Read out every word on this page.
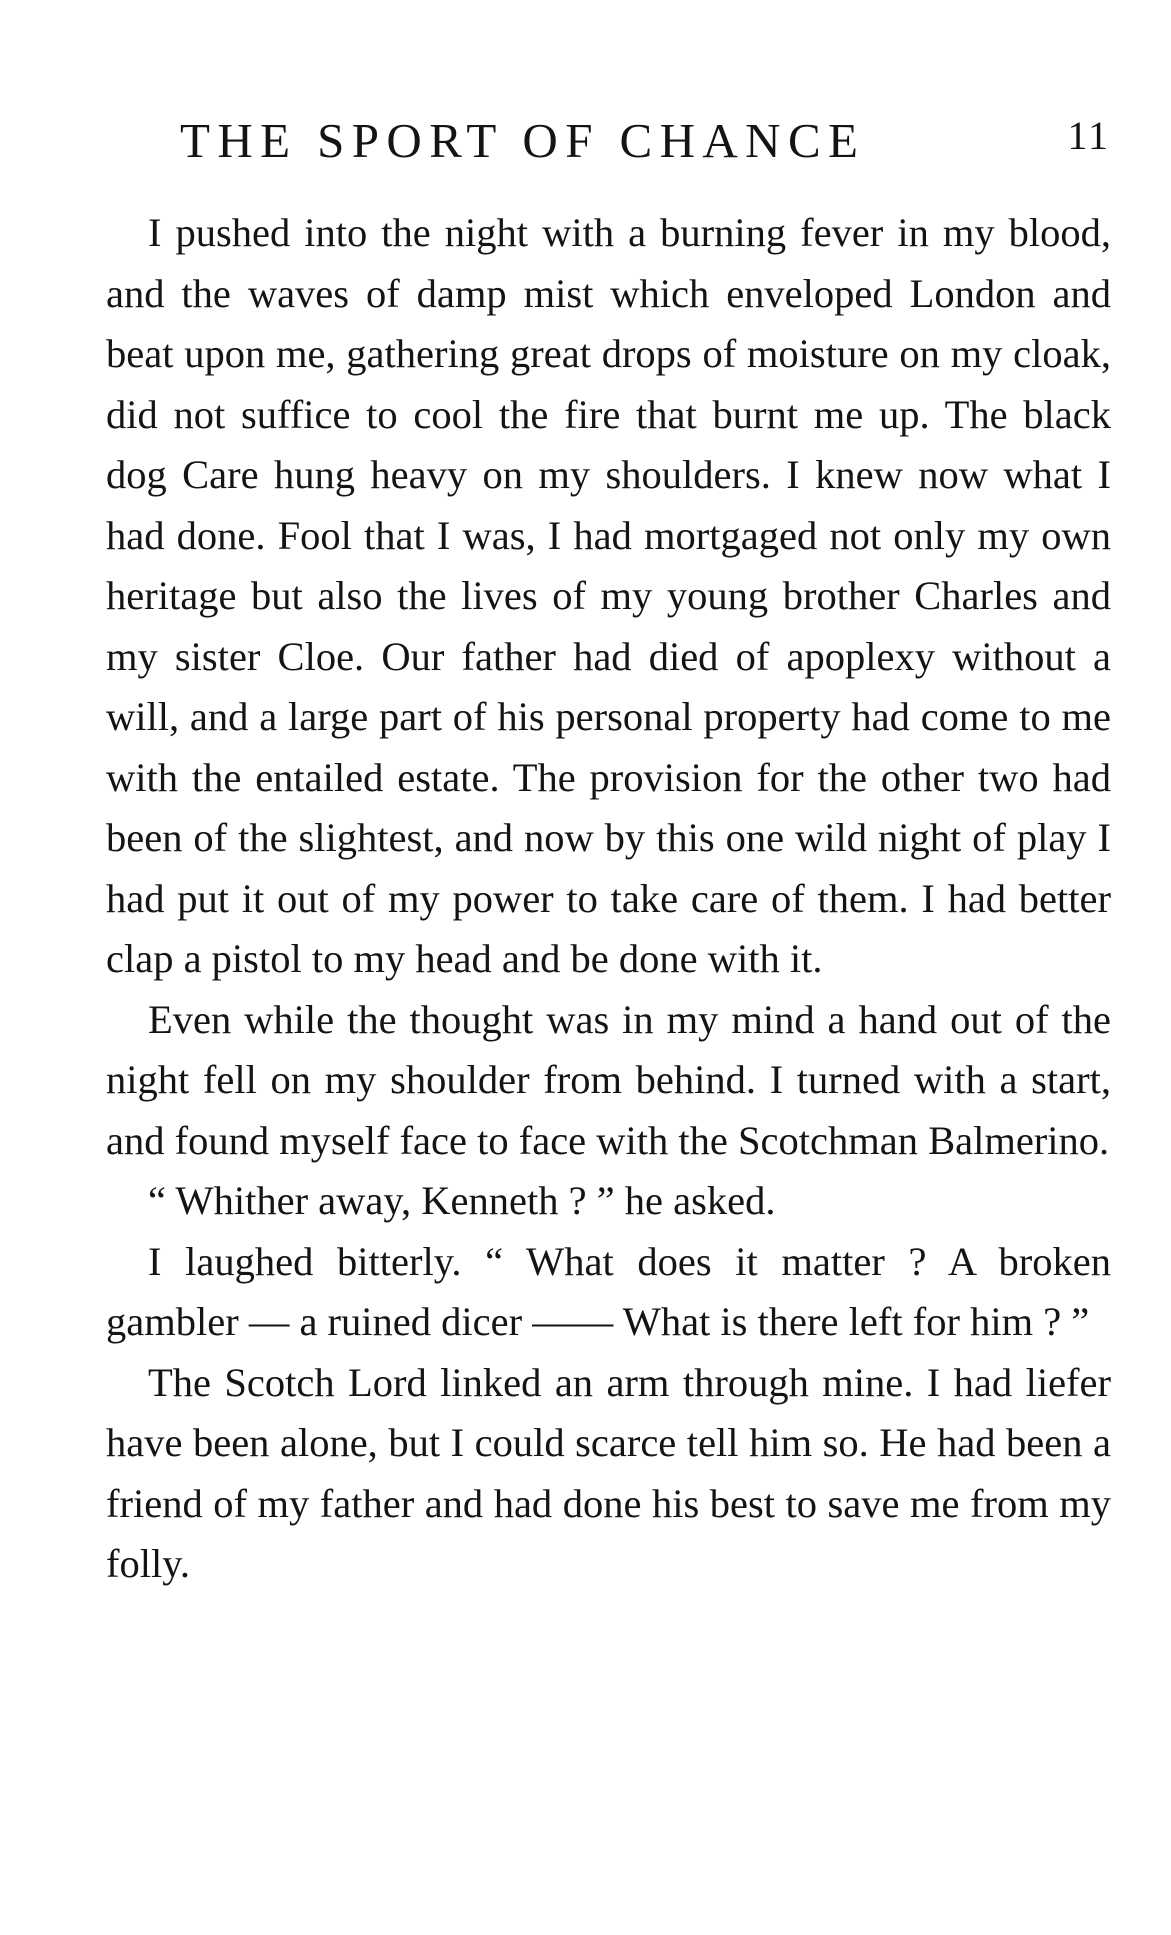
THE SPORT OF CHANCE	11

I pushed into the night with a burning fever in my blood, and the waves of damp mist which enveloped London and beat upon me, gathering great drops of moisture on my cloak, did not suffice to cool the fire that burnt me up. The black dog Care hung heavy on my shoulders. I knew now what I had done. Fool that I was, I had mortgaged not only my own heritage but also the lives of my young brother Charles and my sister Cloe. Our father had died of apoplexy without a will, and a large part of his personal property had come to me with the entailed estate. The provision for the other two had been of the slightest, and now by this one wild night of play I had put it out of my power to take care of them. I had better clap a pistol to my head and be done with it.

Even while the thought was in my mind a hand out of the night fell on my shoulder from behind. I turned with a start, and found myself face to face with the Scotchman Balmerino.

“ Whither away, Kenneth ? ” he asked.

I laughed bitterly. “ What does it matter ? A broken gambler — a ruined dicer —— What is there left for him ? ”

The Scotch Lord linked an arm through mine. I had liefer have been alone, but I could scarce tell him so. He had been a friend of my father and had done his best to save me from my folly.
